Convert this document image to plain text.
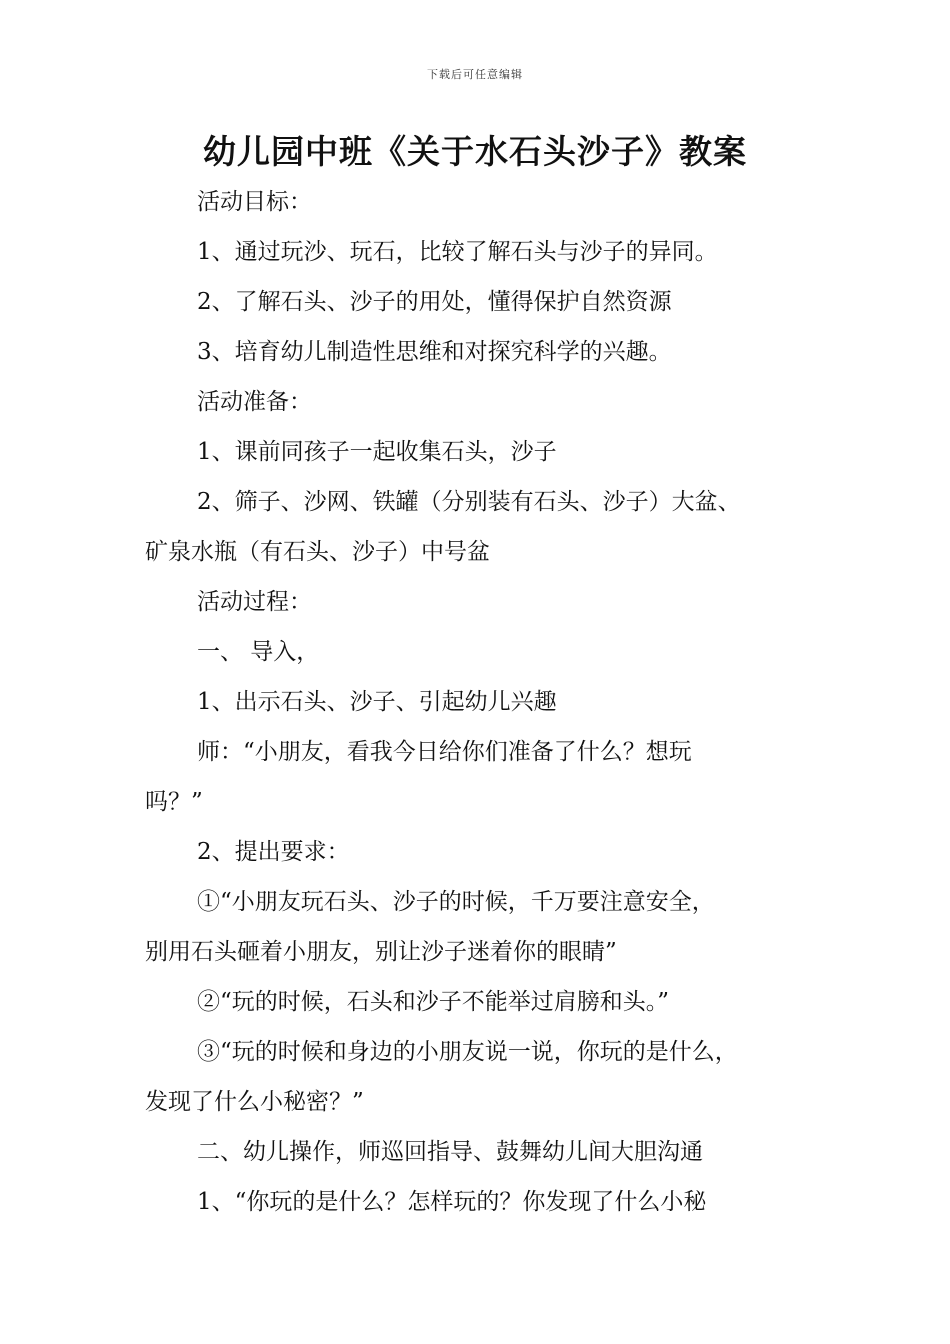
下载后可任意编辑
幼儿园中班《关于水石头沙子》教案
活动目标：
1、通过玩沙、玩石，比较了解石头与沙子的异同。
2、了解石头、沙子的用处，懂得保护自然资源
3、培育幼儿制造性思维和对探究科学的兴趣。
活动准备：
1、课前同孩子一起收集石头，沙子
2、筛子、沙网、铁罐（分别装有石头、沙子）大盆、
矿泉水瓶（有石头、沙子）中号盆
活动过程：
一、 导入，
1、出示石头、沙子、引起幼儿兴趣
师：“小朋友，看我今日给你们准备了什么？想玩
吗？”
2、提出要求：
①“小朋友玩石头、沙子的时候，千万要注意安全，
别用石头砸着小朋友，别让沙子迷着你的眼睛”
②“玩的时候，石头和沙子不能举过肩膀和头。”
③“玩的时候和身边的小朋友说一说，你玩的是什么，
发现了什么小秘密？”
二、幼儿操作，师巡回指导、鼓舞幼儿间大胆沟通
1、“你玩的是什么？怎样玩的？你发现了什么小秘
